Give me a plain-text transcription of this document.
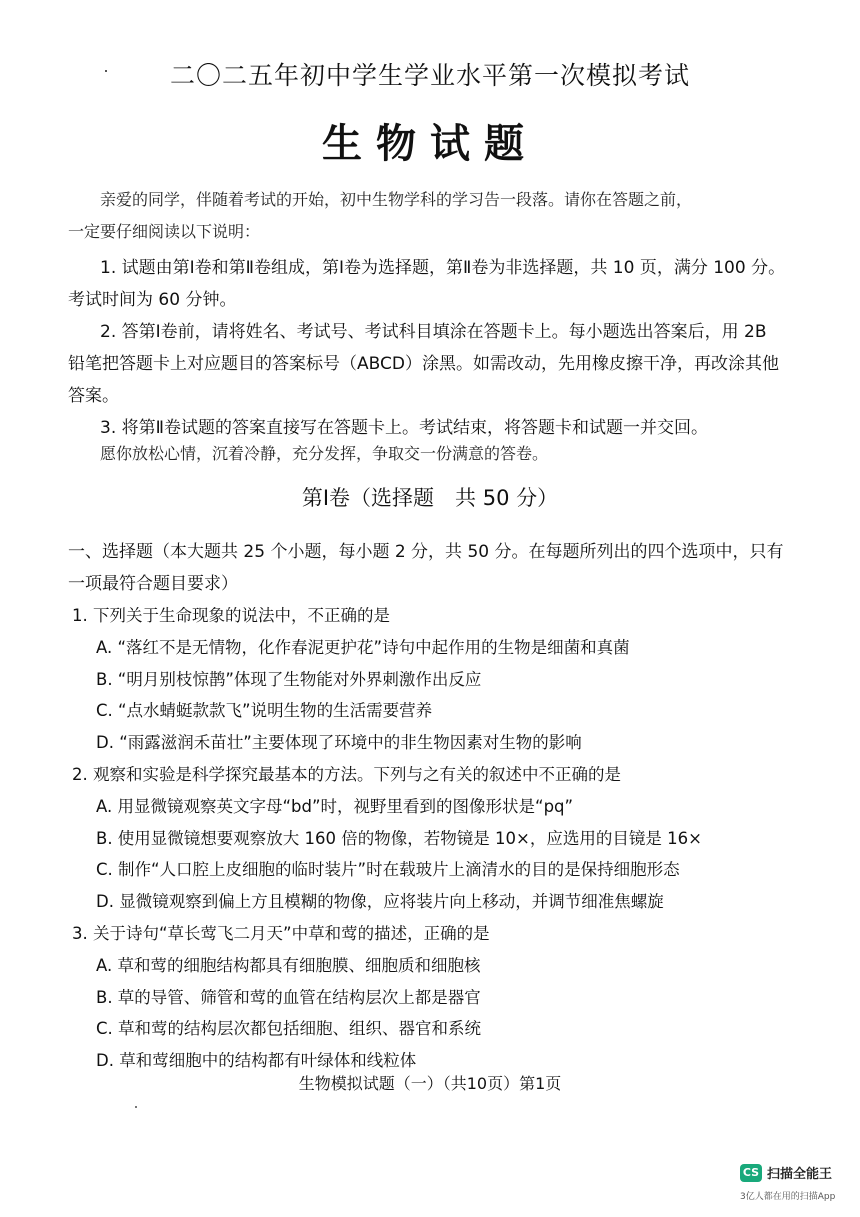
二〇二五年初中学生学业水平第一次模拟考试
生物试题

亲爱的同学，伴随着考试的开始，初中生物学科的学习告一段落。请你在答题之前，

一定要仔细阅读以下说明：

1. 试题由第Ⅰ卷和第Ⅱ卷组成，第Ⅰ卷为选择题，第Ⅱ卷为非选择题，共 10 页，满分 100 分。考试时间为 60 分钟。

2. 答第Ⅰ卷前，请将姓名、考试号、考试科目填涂在答题卡上。每小题选出答案后，用 2B 铅笔把答题卡上对应题目的答案标号（ABCD）涂黑。如需改动，先用橡皮擦干净，再改涂其他答案。

3. 将第Ⅱ卷试题的答案直接写在答题卡上。考试结束，将答题卡和试题一并交回。

愿你放松心情，沉着冷静，充分发挥，争取交一份满意的答卷。

第Ⅰ卷（选择题　共 50 分）
一、选择题（本大题共 25 个小题，每小题 2 分，共 50 分。在每题所列出的四个选项中，只有一项最符合题目要求）

1. 下列关于生命现象的说法中，不正确的是

A. “落红不是无情物，化作春泥更护花”诗句中起作用的生物是细菌和真菌

B. “明月别枝惊鹊”体现了生物能对外界刺激作出反应

C. “点水蜻蜓款款飞”说明生物的生活需要营养

D. “雨露滋润禾苗壮”主要体现了环境中的非生物因素对生物的影响

2. 观察和实验是科学探究最基本的方法。下列与之有关的叙述中不正确的是

A. 用显微镜观察英文字母“bd”时，视野里看到的图像形状是“pq”

B. 使用显微镜想要观察放大 160 倍的物像，若物镜是 10×，应选用的目镜是 16×

C. 制作“人口腔上皮细胞的临时装片”时在载玻片上滴清水的目的是保持细胞形态

D. 显微镜观察到偏上方且模糊的物像，应将装片向上移动，并调节细准焦螺旋

3. 关于诗句“草长莺飞二月天”中草和莺的描述，正确的是

A. 草和莺的细胞结构都具有细胞膜、细胞质和细胞核

B. 草的导管、筛管和莺的血管在结构层次上都是器官

C. 草和莺的结构层次都包括细胞、组织、器官和系统

D. 草和莺细胞中的结构都有叶绿体和线粒体

生物模拟试题（一）（共10页）第1页
CS 扫描全能王
3亿人都在用的扫描App
